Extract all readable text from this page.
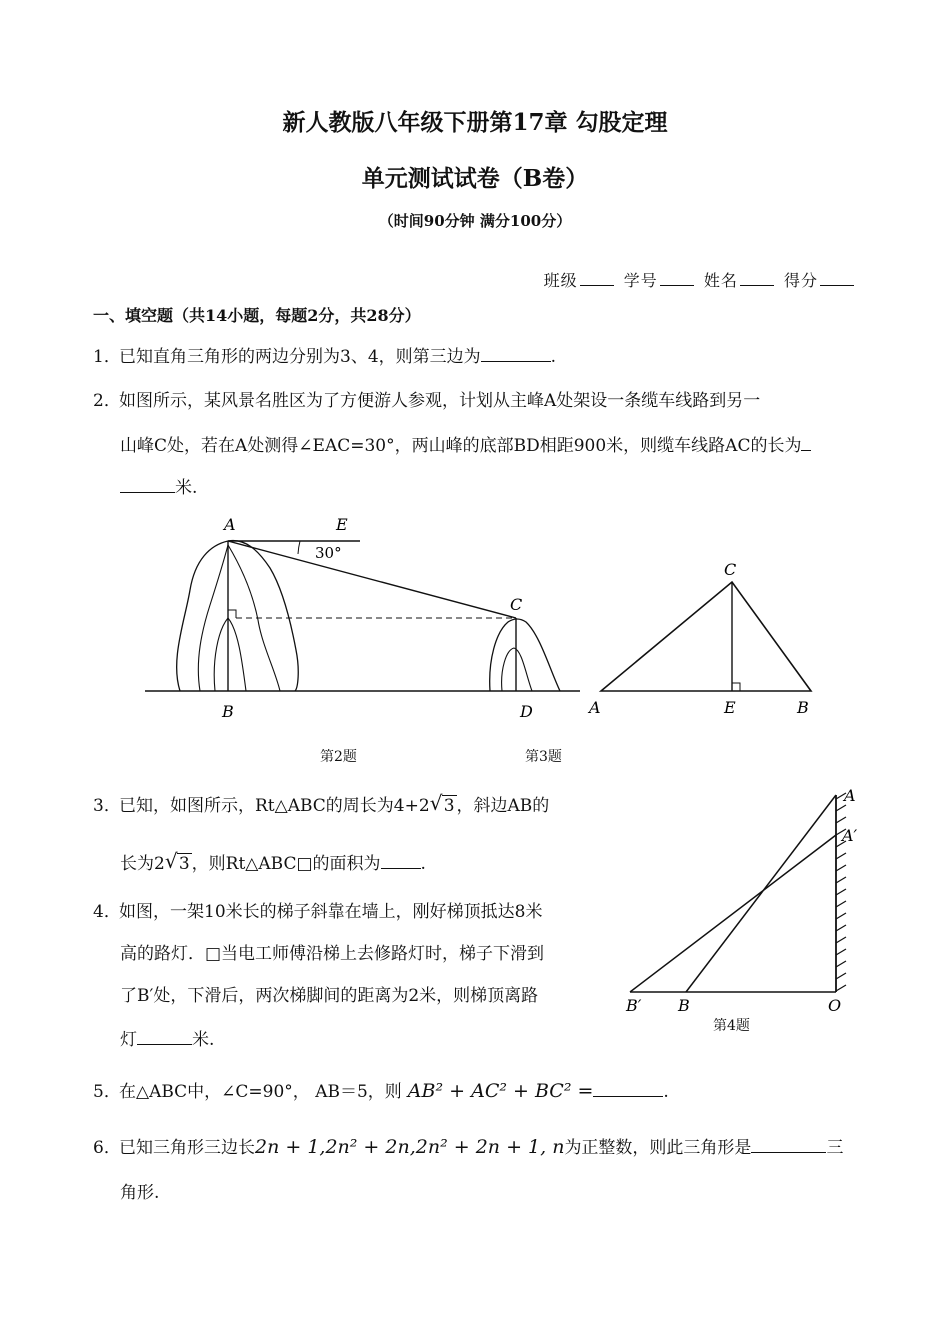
新人教版八年级下册第17章 勾股定理
单元测试试卷（B卷）
（时间90分钟 满分100分）
班级	学号	姓名	得分
一、填空题（共14小题，每题2分，共28分）
1．已知直角三角形的两边分别为3、4，则第三边为	.
2．如图所示，某风景名胜区为了方便游人参观，计划从主峰A处架设一条缆车线路到另一
山峰C处，若在A处测得∠EAC=30°，两山峰的底部BD相距900米，则缆车线路AC的长为
米.
A	E
30°
C
B	D
第2题
C
A	E	B
第3题
3．已知，如图所示，Rt△ABC的周长为4+2 √ 3 ，斜边AB的
长为2 √ 3 ，则Rt△ABC□的面积为 .
4．如图，一架10米长的梯子斜靠在墙上，刚好梯顶抵达8米
高的路灯．□当电工师傅沿梯上去修路灯时，梯子下滑到
了B′处，下滑后，两次梯脚间的距离为2米，则梯顶离路
灯	米.
A
A′
B′ B	O
第4题
5．在△ABC中，∠C=90°， AB＝5，则 AB² + AC² + BC² =	.
6．已知三角形三边长2n + 1,2n² + 2n,2n² + 2n + 1, n为正整数，则此三角形是	三
角形.
